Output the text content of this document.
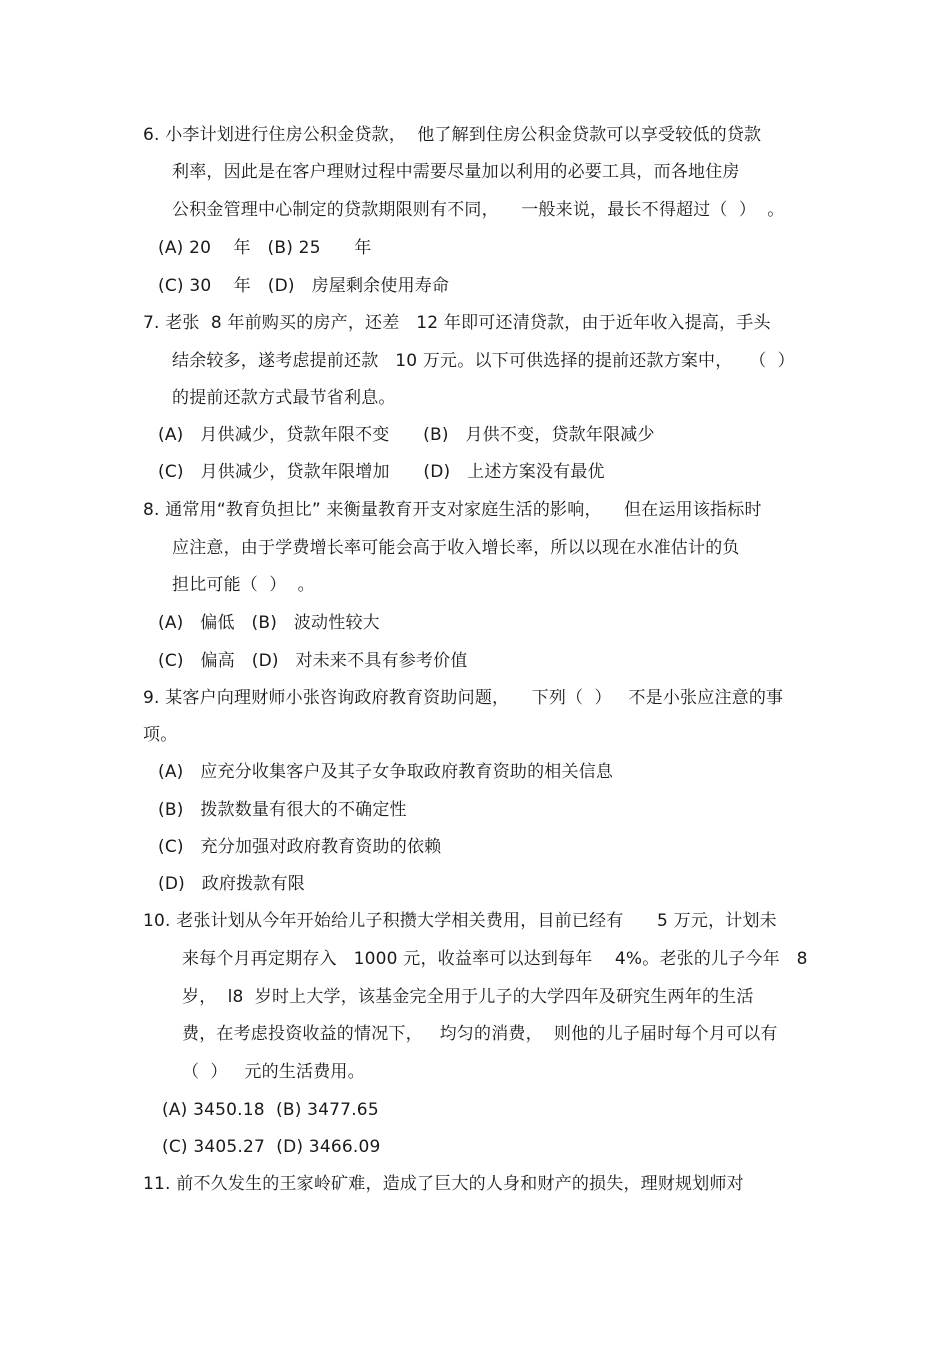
6. 小李计划进行住房公积金贷款，  他了解到住房公积金贷款可以享受较低的贷款
利率，因此是在客户理财过程中需要尽量加以利用的必要工具，而各地住房
公积金管理中心制定的贷款期限则有不同，    一般来说，最长不得超过（  ）  。
(A) 20    年   (B) 25      年
(C) 30    年   (D)   房屋剩余使用寿命
7. 老张  8 年前购买的房产，还差   12 年即可还清贷款，由于近年收入提高，手头
结余较多，遂考虑提前还款   10 万元。以下可供选择的提前还款方案中，   （  ）
的提前还款方式最节省利息。
(A)   月供减少，贷款年限不变      (B)   月供不变，贷款年限减少
(C)   月供减少，贷款年限增加      (D)   上述方案没有最优
8. 通常用“教育负担比” 来衡量教育开支对家庭生活的影响，    但在运用该指标时
应注意，由于学费增长率可能会高于收入增长率，所以以现在水准估计的负
担比可能（  ）  。
(A)   偏低   (B)   波动性较大
(C)   偏高   (D)   对未来不具有参考价值
9. 某客户向理财师小张咨询政府教育资助问题，    下列（  ）   不是小张应注意的事
项。
(A)   应充分收集客户及其子女争取政府教育资助的相关信息
(B)   拨款数量有很大的不确定性
(C)   充分加强对政府教育资助的依赖
(D)   政府拨款有限
10. 老张计划从今年开始给儿子积攒大学相关费用，目前已经有      5 万元，计划未
来每个月再定期存入   1000 元，收益率可以达到每年    4%。老张的儿子今年   8
岁，  l8  岁时上大学，该基金完全用于儿子的大学四年及研究生两年的生活
费，在考虑投资收益的情况下，   均匀的消费，  则他的儿子届时每个月可以有
（  ）   元的生活费用。
(A) 3450.18  (B) 3477.65
(C) 3405.27  (D) 3466.09
11. 前不久发生的王家岭矿难，造成了巨大的人身和财产的损失，理财规划师对
